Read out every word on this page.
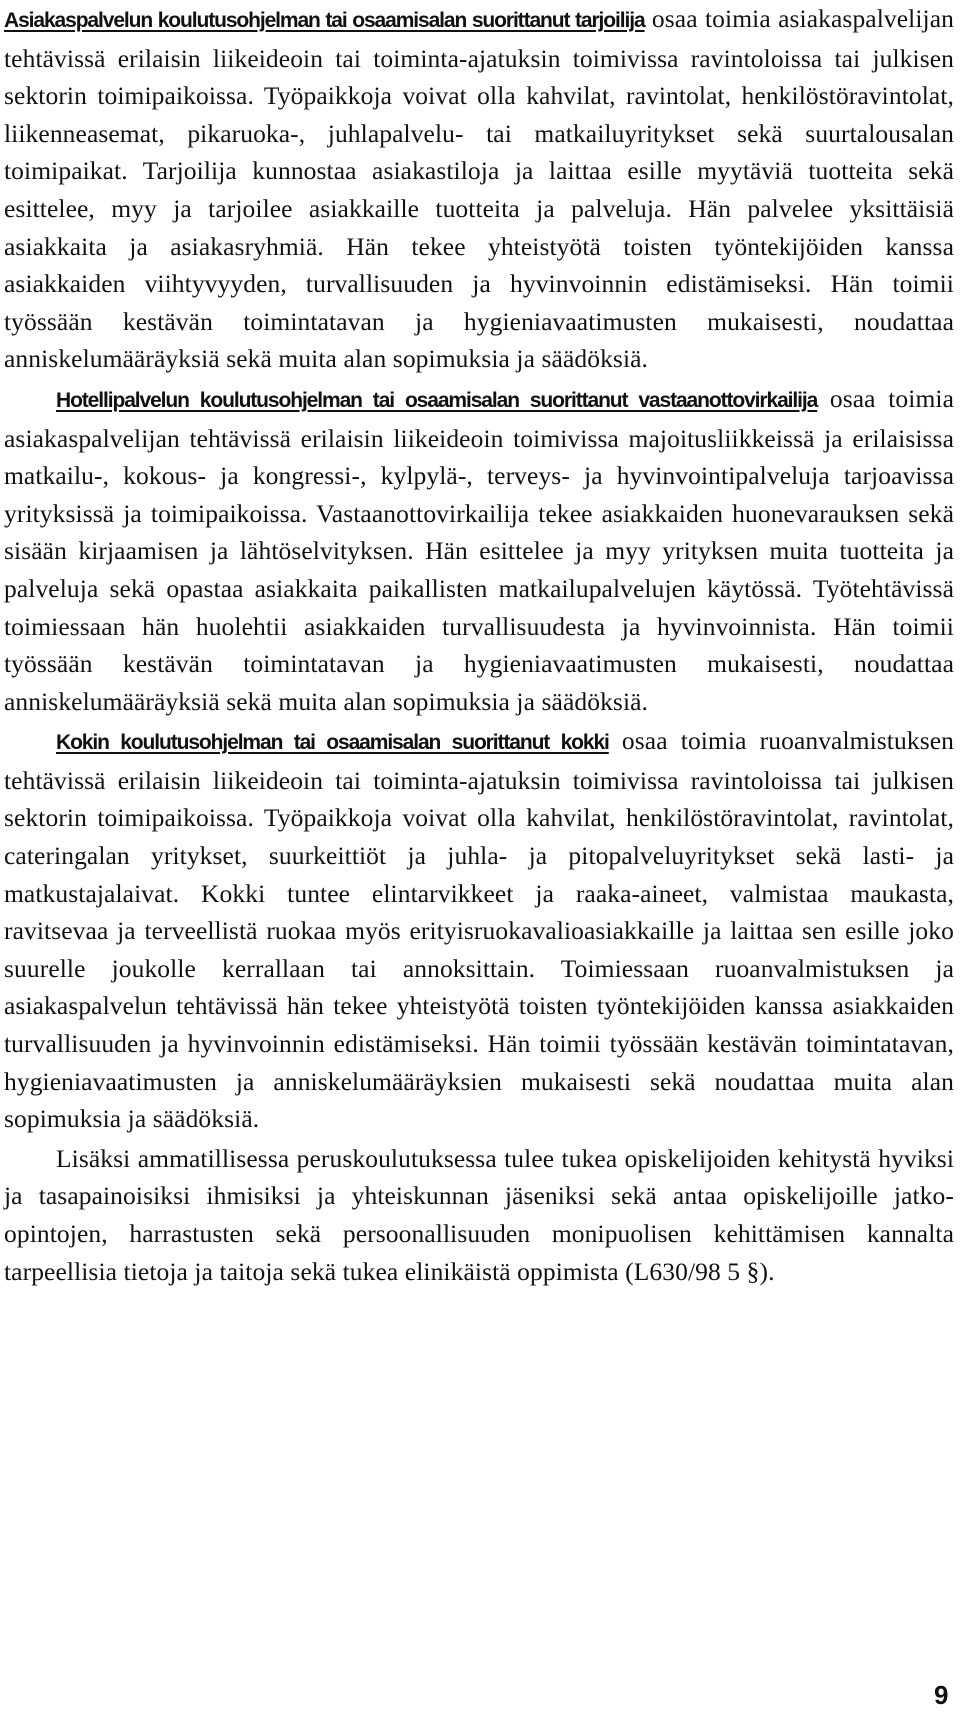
Asiakaspalvelun koulutusohjelman tai osaamisalan suorittanut tarjoilija osaa toimia asiakaspalvelijan tehtävissä erilaisin liikeideoin tai toiminta-ajatuksin toimivissa ravintoloissa tai julkisen sektorin toimipaikoissa. Työpaikkoja voivat olla kahvilat, ravintolat, henkilöstöravintolat, liikenneasemat, pikaruoka-, juhlapalvelu- tai matkailuyritykset sekä suurtalousalan toimipaikat. Tarjoilija kunnostaa asiakastiloja ja laittaa esille myytäviä tuotteita sekä esittelee, myy ja tarjoilee asiakkaille tuotteita ja palveluja. Hän palvelee yksittäisiä asiakkaita ja asiakasryhmiä. Hän tekee yhteistyötä toisten työntekijöiden kanssa asiakkaiden viihtyvyyden, turvallisuuden ja hyvinvoinnin edistämiseksi. Hän toimii työssään kestävän toimintatavan ja hygieniavaatimusten mukaisesti, noudattaa anniskelumääräyksiä sekä muita alan sopimuksia ja säädöksiä.

Hotellipalvelun koulutusohjelman tai osaamisalan suorittanut vastaanottovirkailija osaa toimia asiakaspalvelijan tehtävissä erilaisin liikeideoin toimivissa majoitusliikkeissä ja erilaisissa matkailu-, kokous- ja kongressi-, kylpylä-, terveys- ja hyvinvointipalveluja tarjoavissa yrityksissä ja toimipaikoissa. Vastaanottovirkailija tekee asiakkaiden huonevarauksen sekä sisään kirjaamisen ja lähtöselvityksen. Hän esittelee ja myy yrityksen muita tuotteita ja palveluja sekä opastaa asiakkaita paikallisten matkailupalvelujen käytössä. Työtehtävissä toimiessaan hän huolehtii asiakkaiden turvallisuudesta ja hyvinvoinnista. Hän toimii työssään kestävän toimintatavan ja hygieniavaatimusten mukaisesti, noudattaa anniskelumääräyksiä sekä muita alan sopimuksia ja säädöksiä.

Kokin koulutusohjelman tai osaamisalan suorittanut kokki osaa toimia ruoanvalmistuksen tehtävissä erilaisin liikeideoin tai toiminta-ajatuksin toimivissa ravintoloissa tai julkisen sektorin toimipaikoissa. Työpaikkoja voivat olla kahvilat, henkilöstöravintolat, ravintolat, cateringalan yritykset, suurkeittiöt ja juhla- ja pitopalveluyritykset sekä lasti- ja matkustajalaivat. Kokki tuntee elintarvikkeet ja raaka-aineet, valmistaa maukasta, ravitsevaa ja terveellistä ruokaa myös erityisruokavalioasiakkaille ja laittaa sen esille joko suurelle joukolle kerrallaan tai annoksittain. Toimiessaan ruoanvalmistuksen ja asiakaspalvelun tehtävissä hän tekee yhteistyötä toisten työntekijöiden kanssa asiakkaiden turvallisuuden ja hyvinvoinnin edistämiseksi. Hän toimii työssään kestävän toimintatavan, hygieniavaatimusten ja anniskelumääräyksien mukaisesti sekä noudattaa muita alan sopimuksia ja säädöksiä.

Lisäksi ammatillisessa peruskoulutuksessa tulee tukea opiskelijoiden kehitystä hyviksi ja tasapainoisiksi ihmisiksi ja yhteiskunnan jäseniksi sekä antaa opiskelijoille jatko-opintojen, harrastusten sekä persoonallisuuden monipuolisen kehittämisen kannalta tarpeellisia tietoja ja taitoja sekä tukea elinikäistä oppimista (L630/98 5 §).

9
